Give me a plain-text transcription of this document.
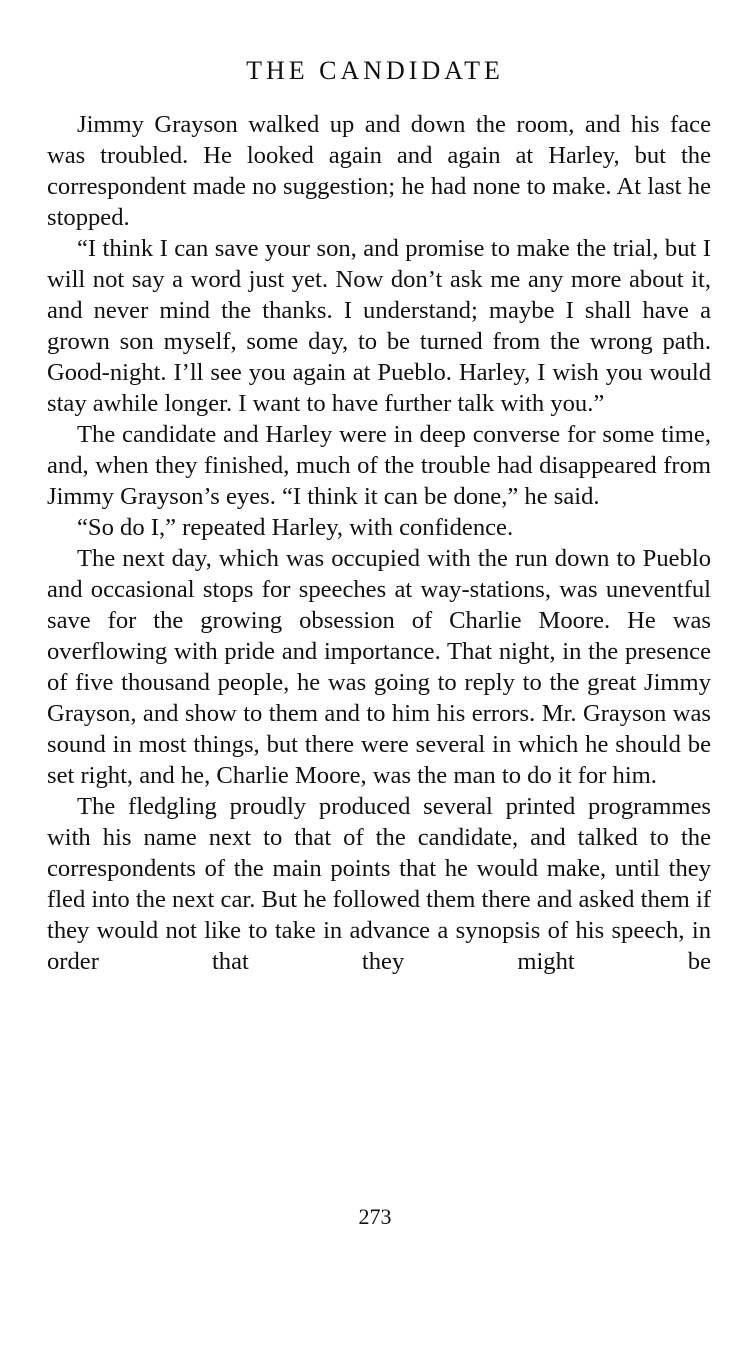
THE CANDIDATE

Jimmy Grayson walked up and down the room, and his face was troubled. He looked again and again at Harley, but the correspondent made no suggestion; he had none to make. At last he stopped.

“I think I can save your son, and promise to make the trial, but I will not say a word just yet. Now don’t ask me any more about it, and never mind the thanks. I understand; maybe I shall have a grown son myself, some day, to be turned from the wrong path. Good-night. I’ll see you again at Pueblo. Harley, I wish you would stay awhile longer. I want to have further talk with you.”

The candidate and Harley were in deep converse for some time, and, when they finished, much of the trouble had disappeared from Jimmy Grayson’s eyes. “I think it can be done,” he said.

“So do I,” repeated Harley, with confidence.

The next day, which was occupied with the run down to Pueblo and occasional stops for speeches at way-stations, was uneventful save for the growing obsession of Charlie Moore. He was overflowing with pride and importance. That night, in the presence of five thousand people, he was going to reply to the great Jimmy Grayson, and show to them and to him his errors. Mr. Grayson was sound in most things, but there were several in which he should be set right, and he, Charlie Moore, was the man to do it for him.

The fledgling proudly produced several printed programmes with his name next to that of the candidate, and talked to the correspondents of the main points that he would make, until they fled into the next car. But he followed them there and asked them if they would not like to take in advance a synopsis of his speech, in order that they might be

273
